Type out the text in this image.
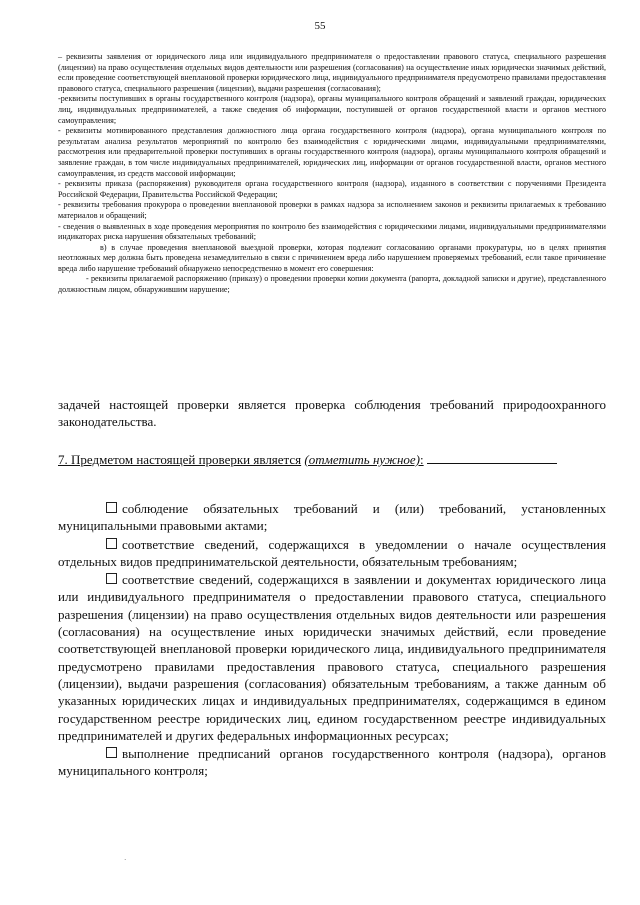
55

– реквизиты заявления от юридического лица или индивидуального предпринимателя о предоставлении правового статуса, специального разрешения (лицензии) на право осуществления отдельных видов деятельности или разрешения (согласования) на осуществление иных юридически значимых действий, если проведение соответствующей внеплановой проверки юридического лица, индивидуального предпринимателя предусмотрено правилами предоставления правового статуса, специального разрешения (лицензии), выдачи разрешения (согласования);

-реквизиты поступивших в органы государственного контроля (надзора), органы муниципального контроля обращений и заявлений граждан, юридических лиц, индивидуальных предпринимателей, а также сведения об информации, поступившей от органов государственной власти и органов местного самоуправления;

- реквизиты мотивированного представления должностного лица органа государственного контроля (надзора), органа муниципального контроля по результатам анализа результатов мероприятий по контролю без взаимодействия с юридическими лицами, индивидуальными предпринимателями, рассмотрения или предварительной проверки поступивших в органы государственного контроля (надзора), органы муниципального контроля обращений и заявление граждан, в том числе индивидуальных предпринимателей, юридических лиц, информации от органов государственной власти, органов местного самоуправления, из средств массовой информации;

- реквизиты приказа (распоряжения) руководителя органа государственного контроля (надзора), изданного в соответствии с поручениями Президента Российской Федерации, Правительства Российской Федерации;

- реквизиты требования прокурора о проведении внеплановой проверки в рамках надзора за исполнением законов и реквизиты прилагаемых к требованию материалов и обращений;

- сведения о выявленных в ходе проведения мероприятия по контролю без взаимодействия с юридическими лицами, индивидуальными предпринимателями индикаторах риска нарушения обязательных требований;

в) в случае проведения внеплановой выездной проверки, которая подлежит согласованию органами прокуратуры, но в целях принятия неотложных мер должна быть проведена незамедлительно в связи с причинением вреда либо нарушением проверяемых требований, если такое причинение вреда либо нарушение требований обнаружено непосредственно в момент его совершения:

- реквизиты прилагаемой распоряжению (приказу) о проведении проверки копии документа (рапорта, докладной записки и другие), представленного должностным лицом, обнаружившим нарушение;

задачей настоящей проверки является проверка соблюдения требований природоохранного законодательства.

7. Предметом настоящей проверки является (отметить нужное):

соблюдение обязательных требований и (или) требований, установленных муниципальными правовыми актами;

соответствие сведений, содержащихся в уведомлении о начале осуществления отдельных видов предпринимательской деятельности, обязательным требованиям;

соответствие сведений, содержащихся в заявлении и документах юридического лица или индивидуального предпринимателя о предоставлении правового статуса, специального разрешения (лицензии) на право осуществления отдельных видов деятельности или разрешения (согласования) на осуществление иных юридически значимых действий, если проведение соответствующей внеплановой проверки юридического лица, индивидуального предпринимателя предусмотрено правилами предоставления правового статуса, специального разрешения (лицензии), выдачи разрешения (согласования) обязательным требованиям, а также данным об указанных юридических лицах и индивидуальных предпринимателях, содержащимся в едином государственном реестре юридических лиц, едином государственном реестре индивидуальных предпринимателей и других федеральных информационных ресурсах;

выполнение предписаний органов государственного контроля (надзора), органов муниципального контроля;

·
